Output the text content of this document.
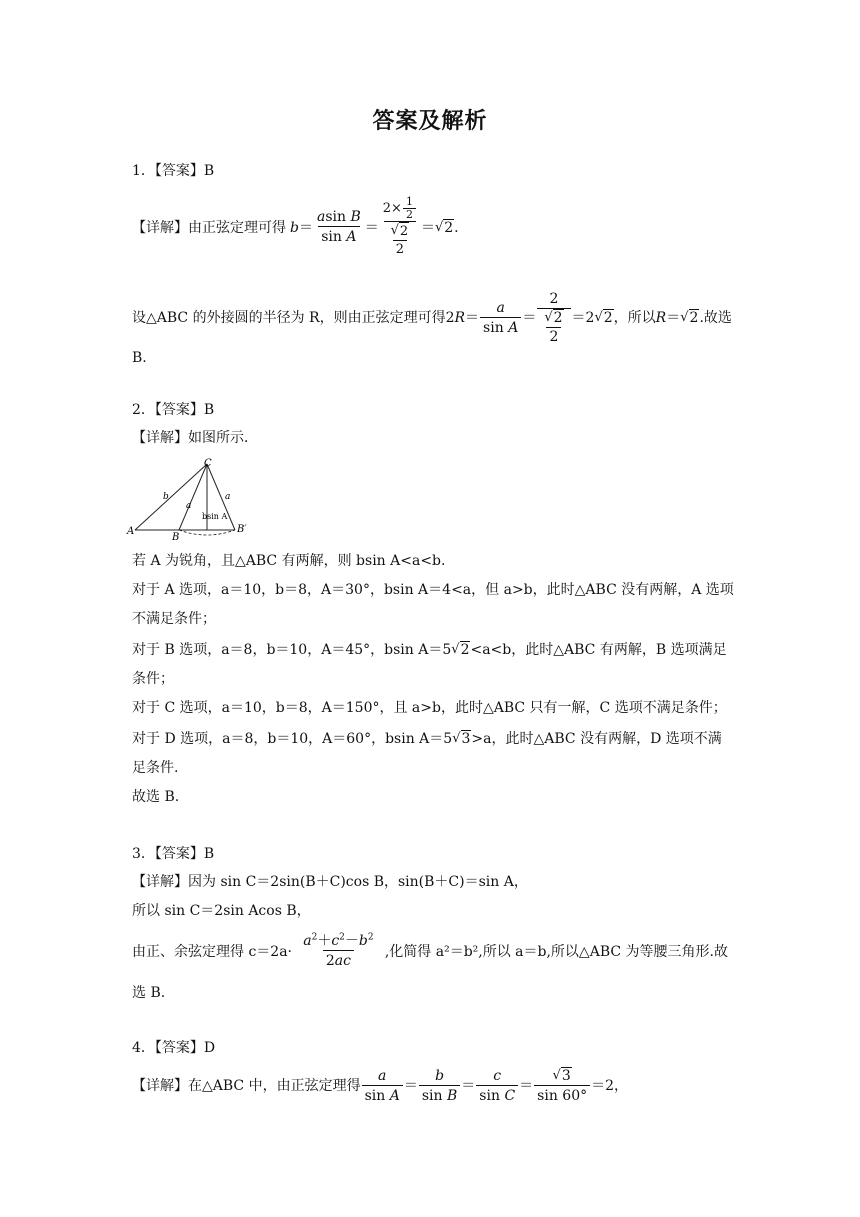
答案及解析
1．【答案】B
【详解】由正弦定理可得 $b = \frac{\text{asin B}}{\text{sin A}} = \frac{2\times \frac{1}{2}}{\frac{√ 2}{2}}$ ＝ √ 2 .
设△ABC 的外接圆的半径为 R，则由正弦定理可得 2 $R = \frac{a}{\text{sin A}} = \frac{2}{\frac{√ 2}{2}} =2$ √ 2 ，所以 R ＝ √ 2 . 故选
B.
2．【答案】B
【详解】如图所示．
C
A
B
B′
b
a
a
bsin A
若 A 为锐角，且△ABC 有两解，则 bsin A<a<b.
对于 A 选项，a＝10，b＝8，A＝30°，bsin A＝4<a，但 a>b，此时△ABC 没有两解，A 选项
不满足条件；
对于 B 选项，a＝8，b＝10，A＝45°，bsin A＝5 √ 2 <a<b，此时△ABC 有两解，B 选项满足
条件；
对于 C 选项，a＝10，b＝8，A＝150°，且 a>b，此时△ABC 只有一解，C 选项不满足条件；
对于 D 选项，a＝8，b＝10，A＝60°，bsin A＝5 √ 3 >a，此时△ABC 没有两解，D 选项不满
足条件.
故选 B.
3．【答案】B
【详解】因为 sin C＝2sin(B＋C)cos B，sin(B＋C)＝sin A，
所以 sin C＝2sin Acos B，
由正、余弦定理得 $c=2a\cdot \frac{a^2+c^2-b^2}{2ac}$ ,化简得 a²＝b²,所以 a＝b,所以△ABC 为等腰三角形.故
选 B.
4．【答案】D
【详解】在△ABC 中，由正弦定理得 $\frac{a}{\text{sin A}} = \frac{b}{\text{sin B}} = \frac{c}{\text{sin C}} = \frac{√ 3}{\sin 60^\circ} =2$，
